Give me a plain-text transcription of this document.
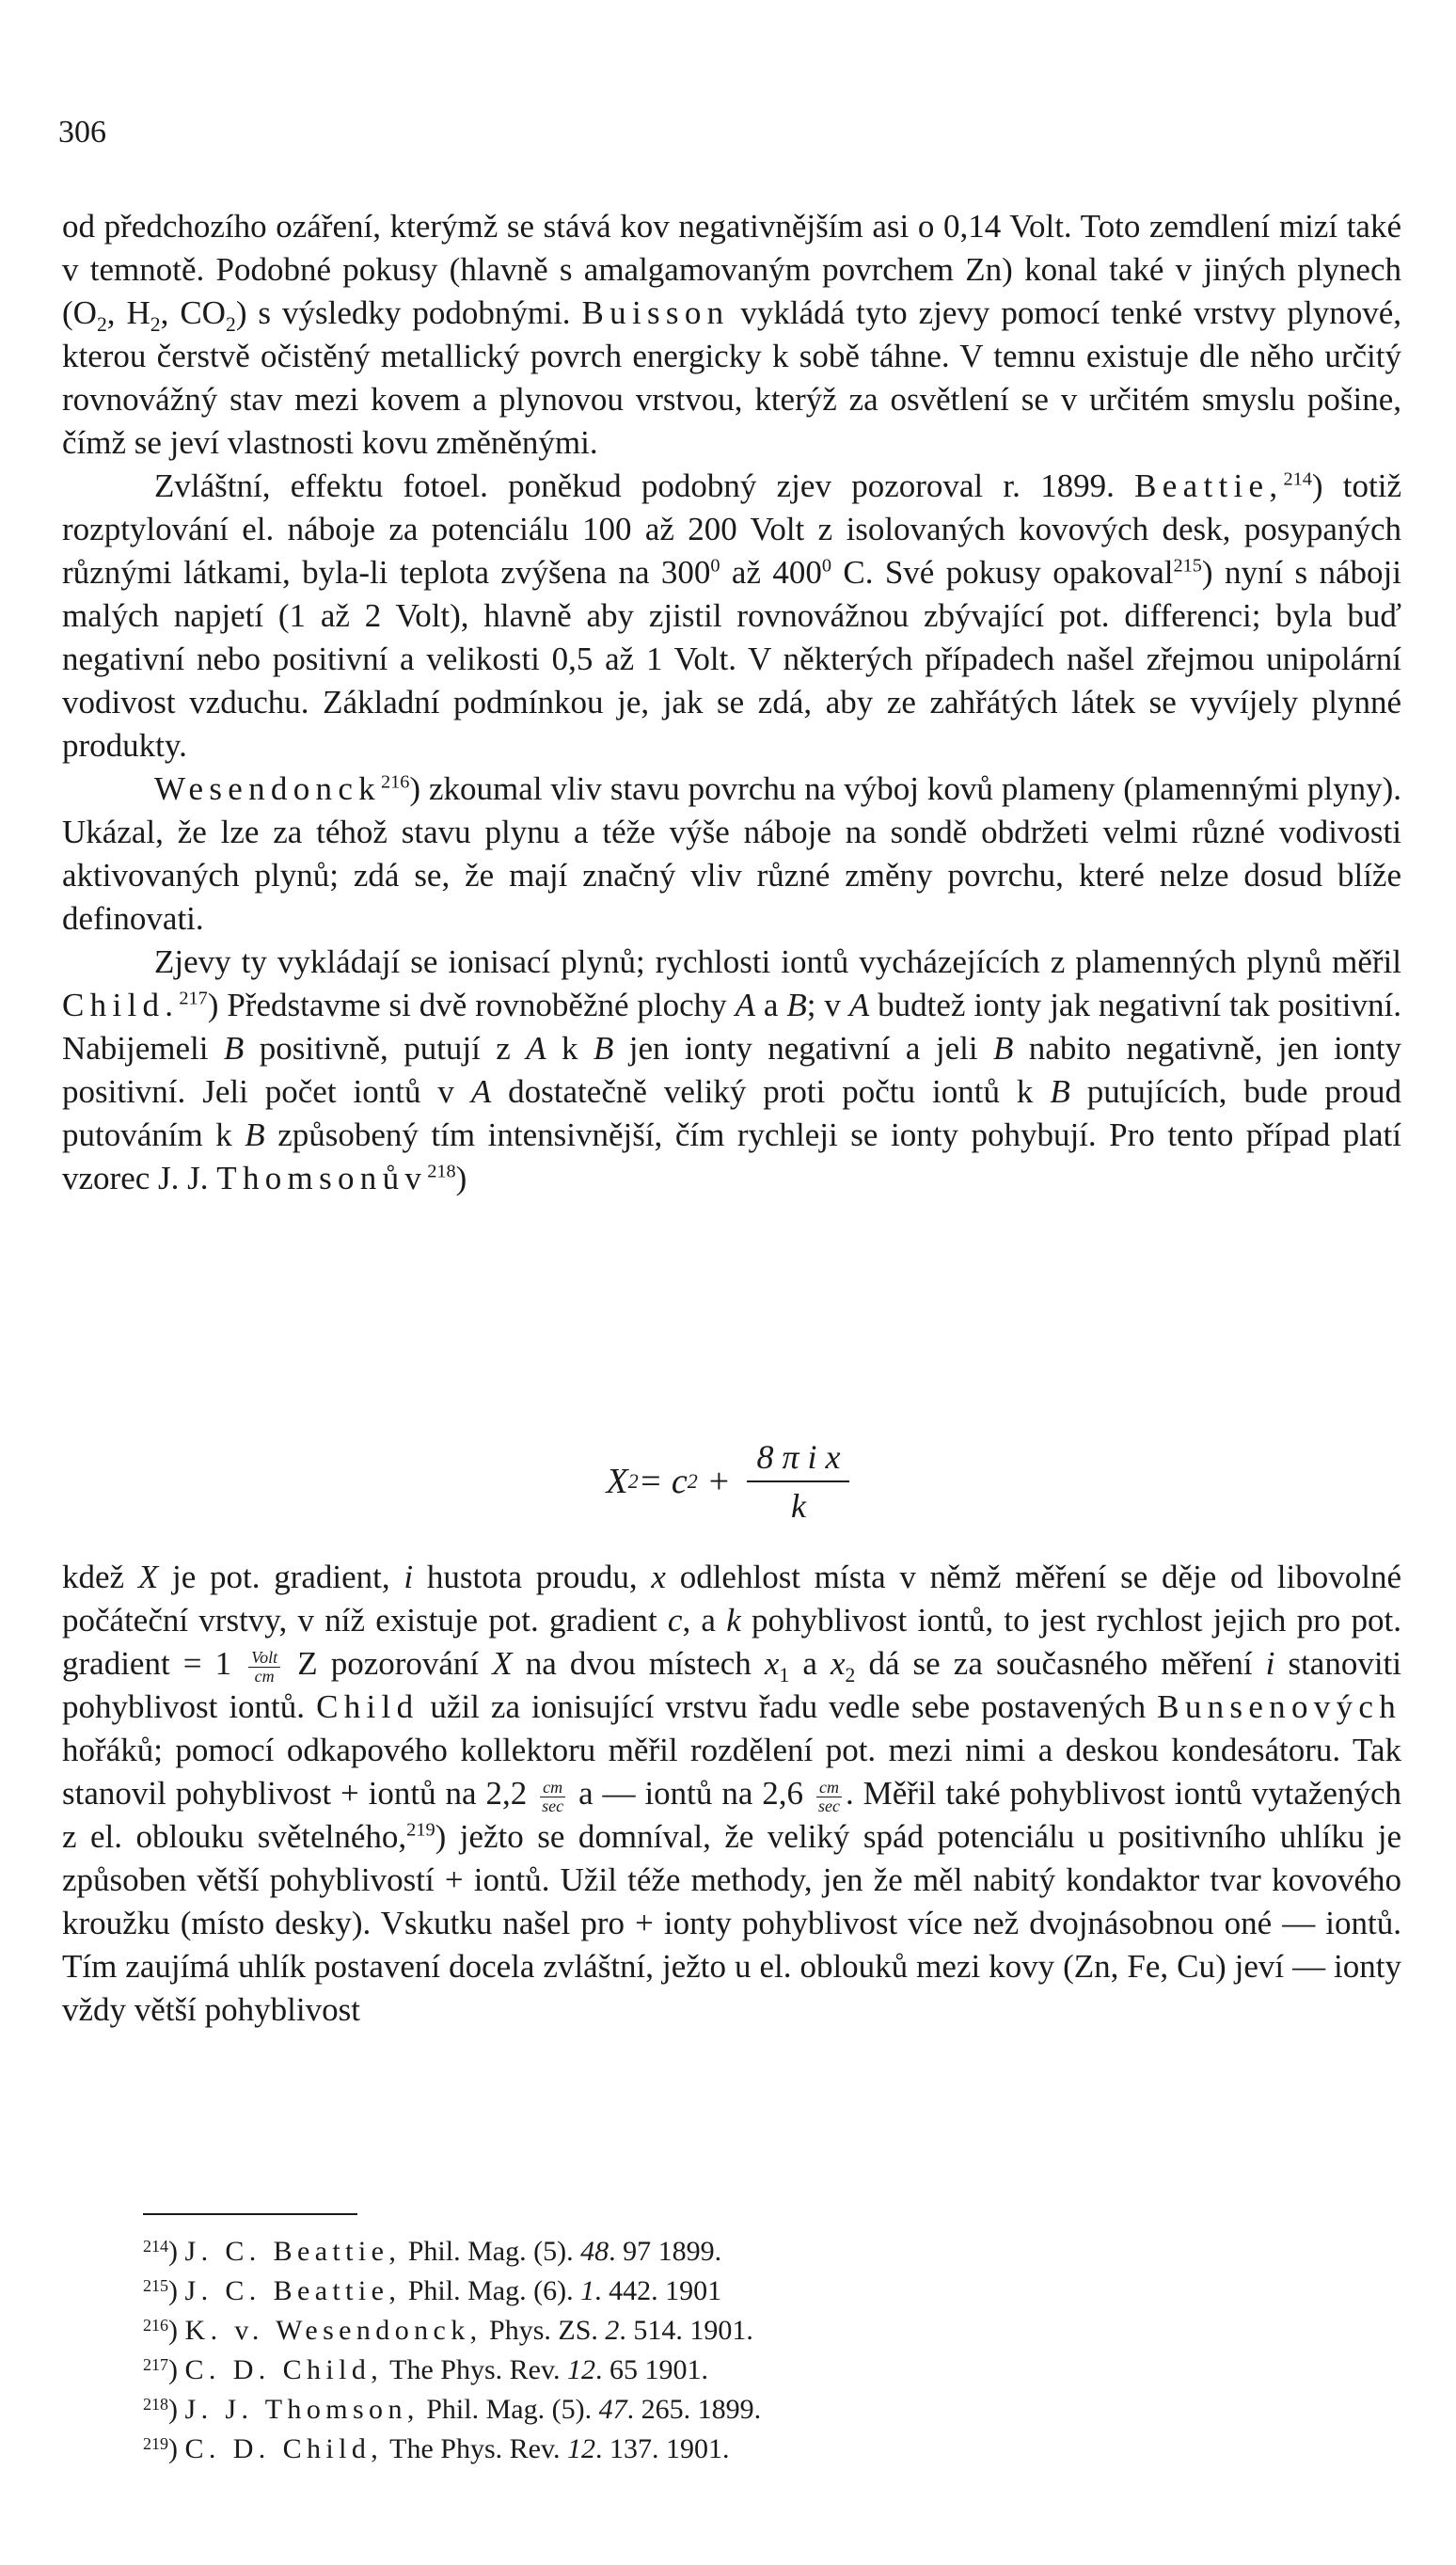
306

od předchozího ozáření, kterýmž se stává kov negativnějším asi o 0,14 Volt. Toto zemdlení mizí také v temnotě. Podobné pokusy (hlavně s amalgamovaným povrchem Zn) konal také v jiných plynech ($O_2$, $H_2$, $CO_2$) s výsledky podobnými. Buisson vykládá tyto zjevy pomocí tenké vrstvy plynové, kterou čerstvě očistěný metallický povrch energicky k sobě táhne. V temnu existuje dle něho určitý rovnovážný stav mezi kovem a plynovou vrstvou, kterýž za osvětlení se v určitém smyslu pošine, čímž se jeví vlastnosti kovu změněnými.

Zvláštní, effektu fotoel. poněkud podobný zjev pozoroval r. 1899. Beattie,$^{214}$) totiž rozptylování el. náboje za potenciálu 100 až 200 Volt z isolovaných kovových desk, posypaných různými látkami, byla-li teplota zvýšena na $300^0$ až $400^0$ C. Své pokusy opakoval$^{215}$) nyní s náboji malých napjetí (1 až 2 Volt), hlavně aby zjistil rovnovážnou zbývající pot. differenci; byla buď negativní nebo positivní a velikosti 0,5 až 1 Volt. V některých případech našel zřejmou unipolární vodivost vzduchu. Základní podmínkou je, jak se zdá, aby ze zahřátých látek se vyvíjely plynné produkty.

Wesendonck$^{216}$) zkoumal vliv stavu povrchu na výboj kovů plameny (plamennými plyny). Ukázal, že lze za téhož stavu plynu a téže výše náboje na sondě obdržeti velmi různé vodivosti aktivovaných plynů; zdá se, že mají značný vliv různé změny povrchu, které nelze dosud blíže definovati.

Zjevy ty vykládají se ionisací plynů; rychlosti iontů vycházejících z plamenných plynů měřil Child.$^{217}$) Představme si dvě rovnoběžné plochy A a B; v A budtež ionty jak negativní tak positivní. Nabijemeli B positivně, putují z A k B jen ionty negativní a jeli B nabito negativně, jen ionty positivní. Jeli počet iontů v A dostatečně veliký proti počtu iontů k B putujících, bude proud putováním k B způsobený tím intensivnější, čím rychleji se ionty pohybují. Pro tento případ platí vzorec J. J. Thomsonův$^{218}$)

X 2 = c $2 + \frac{\text{8 π i x}}{k}$

kdež X je pot. gradient, i hustota proudu, x odlehlost místa v němž měření se děje od libovolné počáteční vrstvy, v níž existuje pot. gradient c, a k pohyblivost iontů, to jest rychlost jejich pro pot. gradient = 1 Volt
cm Z pozorování X na dvou místech $x_1$ a $x_2$ dá se za současného měření i stanoviti pohyblivost iontů. Child užil za ionisující vrstvu řadu vedle sebe postavených Bunsenových hořáků; pomocí odkapového kollektoru měřil rozdělení pot. mezi nimi a deskou kondesátoru. Tak stanovil pohyblivost + iontů na 2,2 cm
sec a — iontů na 2,6 cm
sec . Měřil také pohyblivost iontů vytažených z el. oblouku světelného,$^{219}$) ježto se domníval, že veliký spád potenciálu u positivního uhlíku je způsoben větší pohyblivostí + iontů. Užil téže methody, jen že měl nabitý kondaktor tvar kovového kroužku (místo desky). Vskutku našel pro + ionty pohyblivost více než dvojnásobnou oné — iontů. Tím zaujímá uhlík postavení docela zvláštní, ježto u el. oblouků mezi kovy (Zn, Fe, Cu) jeví — ionty vždy větší pohyblivost

$^{214}$) J. C. Beattie, Phil. Mag. (5). 48. 97 1899.
$^{215}$) J. C. Beattie, Phil. Mag. (6). 1. 442. 1901
$^{216}$) K. v. Wesendonck, Phys. ZS. 2. 514. 1901.
$^{217}$) C. D. Child, The Phys. Rev. 12. 65 1901.
$^{218}$) J. J. Thomson, Phil. Mag. (5). 47. 265. 1899.
$^{219}$) C. D. Child, The Phys. Rev. 12. 137. 1901.
